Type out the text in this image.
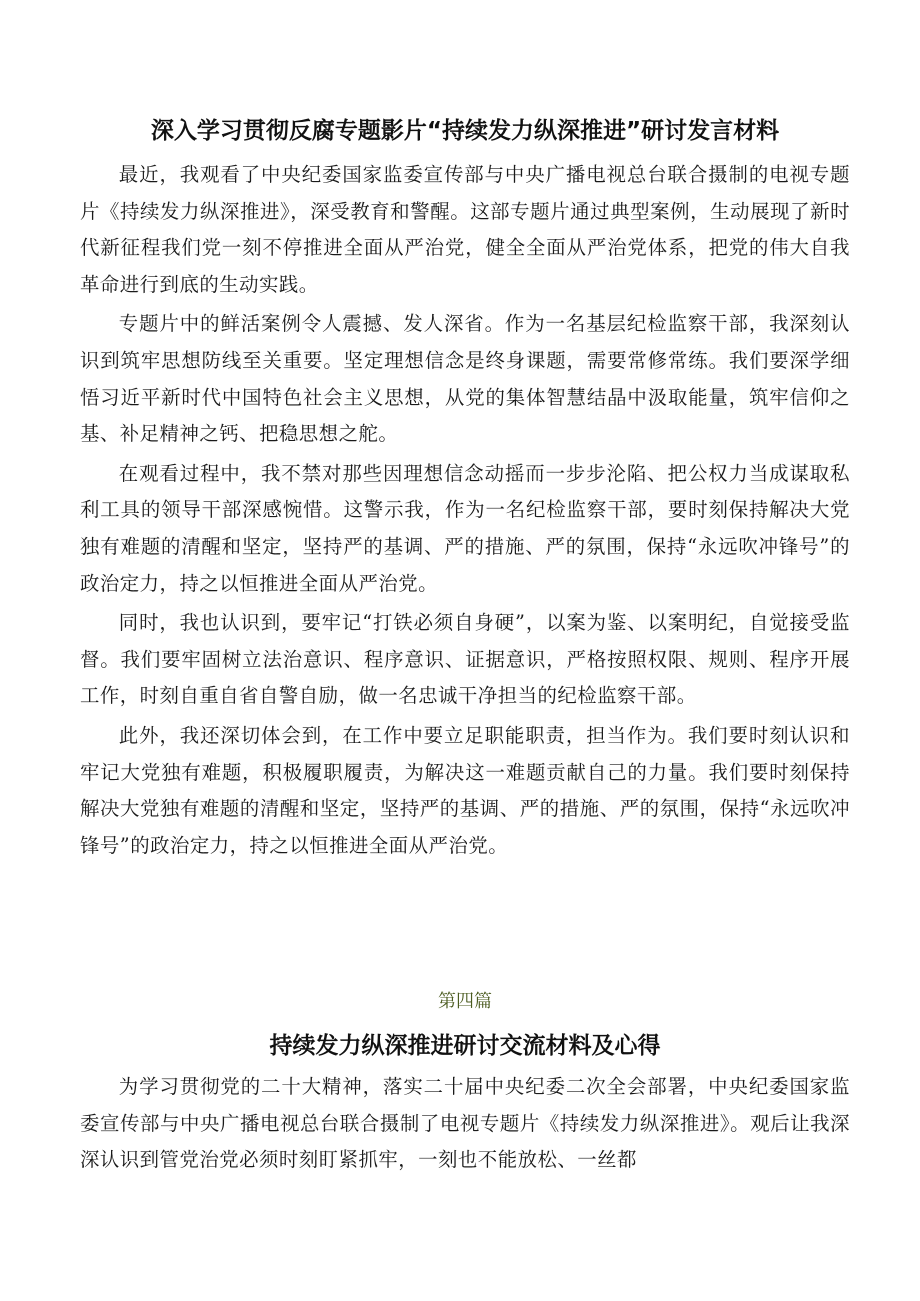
深入学习贯彻反腐专题影片“持续发力纵深推进”研讨发言材料

最近，我观看了中央纪委国家监委宣传部与中央广播电视总台联合摄制的电视专题片《持续发力纵深推进》，深受教育和警醒。这部专题片通过典型案例，生动展现了新时代新征程我们党一刻不停推进全面从严治党，健全全面从严治党体系，把党的伟大自我革命进行到底的生动实践。

专题片中的鲜活案例令人震撼、发人深省。作为一名基层纪检监察干部，我深刻认识到筑牢思想防线至关重要。坚定理想信念是终身课题，需要常修常练。我们要深学细悟习近平新时代中国特色社会主义思想，从党的集体智慧结晶中汲取能量，筑牢信仰之基、补足精神之钙、把稳思想之舵。

在观看过程中，我不禁对那些因理想信念动摇而一步步沦陷、把公权力当成谋取私利工具的领导干部深感惋惜。这警示我，作为一名纪检监察干部，要时刻保持解决大党独有难题的清醒和坚定，坚持严的基调、严的措施、严的氛围，保持“永远吹冲锋号”的政治定力，持之以恒推进全面从严治党。

同时，我也认识到，要牢记“打铁必须自身硬”，以案为鉴、以案明纪，自觉接受监督。我们要牢固树立法治意识、程序意识、证据意识，严格按照权限、规则、程序开展工作，时刻自重自省自警自励，做一名忠诚干净担当的纪检监察干部。

此外，我还深切体会到，在工作中要立足职能职责，担当作为。我们要时刻认识和牢记大党独有难题，积极履职履责，为解决这一难题贡献自己的力量。我们要时刻保持解决大党独有难题的清醒和坚定，坚持严的基调、严的措施、严的氛围，保持“永远吹冲锋号”的政治定力，持之以恒推进全面从严治党。

第四篇
持续发力纵深推进研讨交流材料及心得

为学习贯彻党的二十大精神，落实二十届中央纪委二次全会部署，中央纪委国家监委宣传部与中央广播电视总台联合摄制了电视专题片《持续发力纵深推进》。观后让我深深认识到管党治党必须时刻盯紧抓牢，一刻也不能放松、一丝都
